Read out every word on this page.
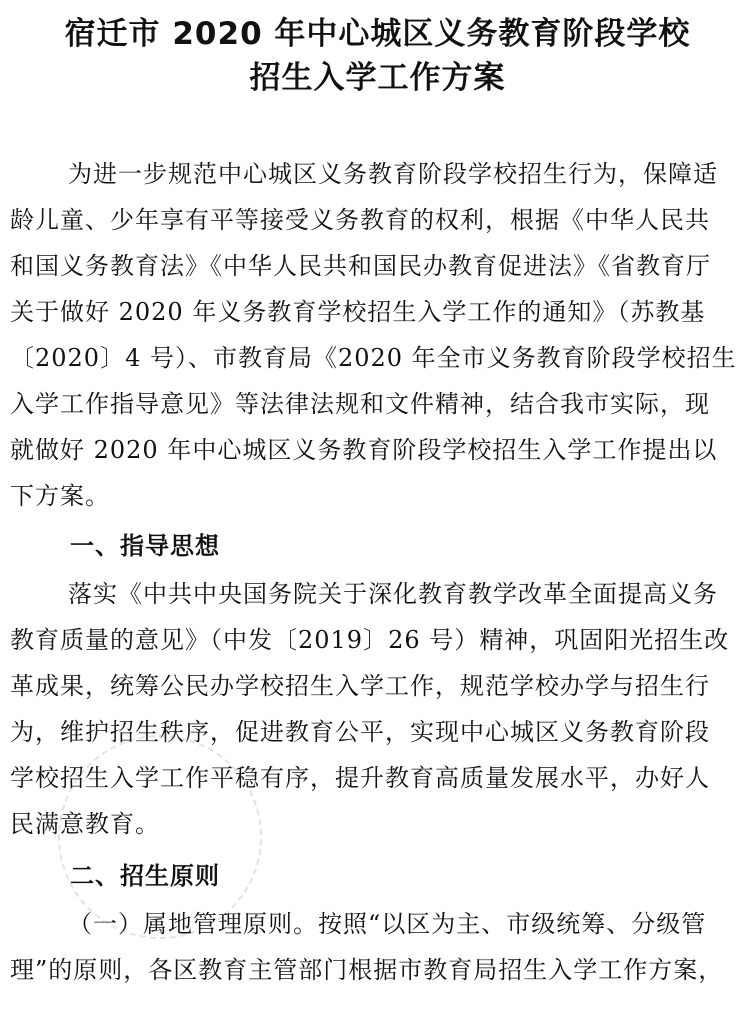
宿迁市 2020 年中心城区义务教育阶段学校
招生入学工作方案
为进一步规范中心城区义务教育阶段学校招生行为，保障适
龄儿童、少年享有平等接受义务教育的权利，根据《中华人民共
和国义务教育法》《中华人民共和国民办教育促进法》《省教育厅
关于做好 2020 年义务教育学校招生入学工作的通知》（苏教基
〔2020〕4 号）、市教育局《2020 年全市义务教育阶段学校招生
入学工作指导意见》等法律法规和文件精神，结合我市实际，现
就做好 2020 年中心城区义务教育阶段学校招生入学工作提出以
下方案。
一、指导思想
落实《中共中央国务院关于深化教育教学改革全面提高义务
教育质量的意见》（中发〔2019〕26 号）精神，巩固阳光招生改
革成果，统筹公民办学校招生入学工作，规范学校办学与招生行
为，维护招生秩序，促进教育公平，实现中心城区义务教育阶段
学校招生入学工作平稳有序，提升教育高质量发展水平，办好人
民满意教育。
二、招生原则
（一）属地管理原则。按照“以区为主、市级统筹、分级管
理”的原则，各区教育主管部门根据市教育局招生入学工作方案，
